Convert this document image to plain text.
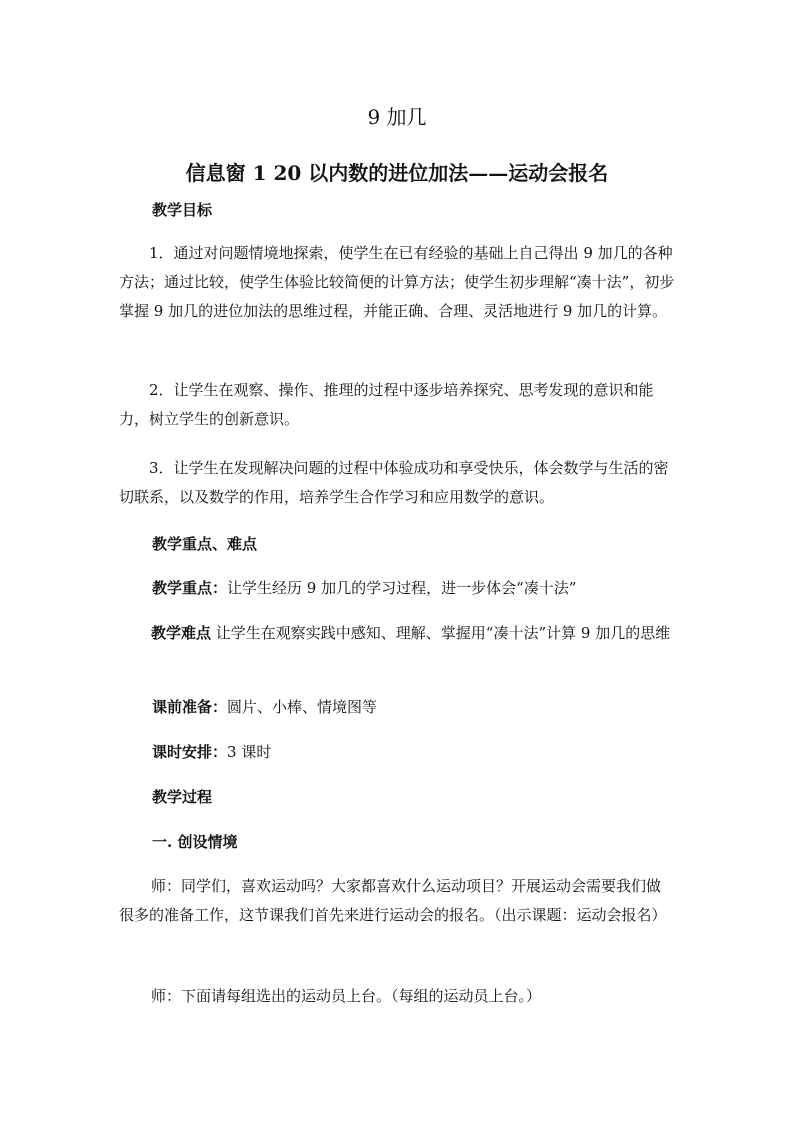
9 加几
信息窗 1 20 以内数的进位加法——运动会报名

教学目标

1．通过对问题情境地探索，使学生在已有经验的基础上自己得出 9 加几的各种方法；通过比较，使学生体验比较简便的计算方法；使学生初步理解“凑十法”，初步掌握 9 加几的进位加法的思维过程，并能正确、合理、灵活地进行 9 加几的计算。

2．让学生在观察、操作、推理的过程中逐步培养探究、思考发现的意识和能力，树立学生的创新意识。

3．让学生在发现解决问题的过程中体验成功和享受快乐，体会数学与生活的密切联系，以及数学的作用，培养学生合作学习和应用数学的意识。

教学重点、难点

教学重点：让学生经历 9 加几的学习过程，进一步体会“凑十法”

教学难点 让学生在观察实践中感知、理解、掌握用“凑十法”计算 9 加几的思维

课前准备：圆片、小棒、情境图等

课时安排：3 课时

教学过程

一. 创设情境

师：同学们，喜欢运动吗？大家都喜欢什么运动项目？开展运动会需要我们做很多的准备工作，这节课我们首先来进行运动会的报名。（出示课题：运动会报名）

师：下面请每组选出的运动员上台。（每组的运动员上台。）
